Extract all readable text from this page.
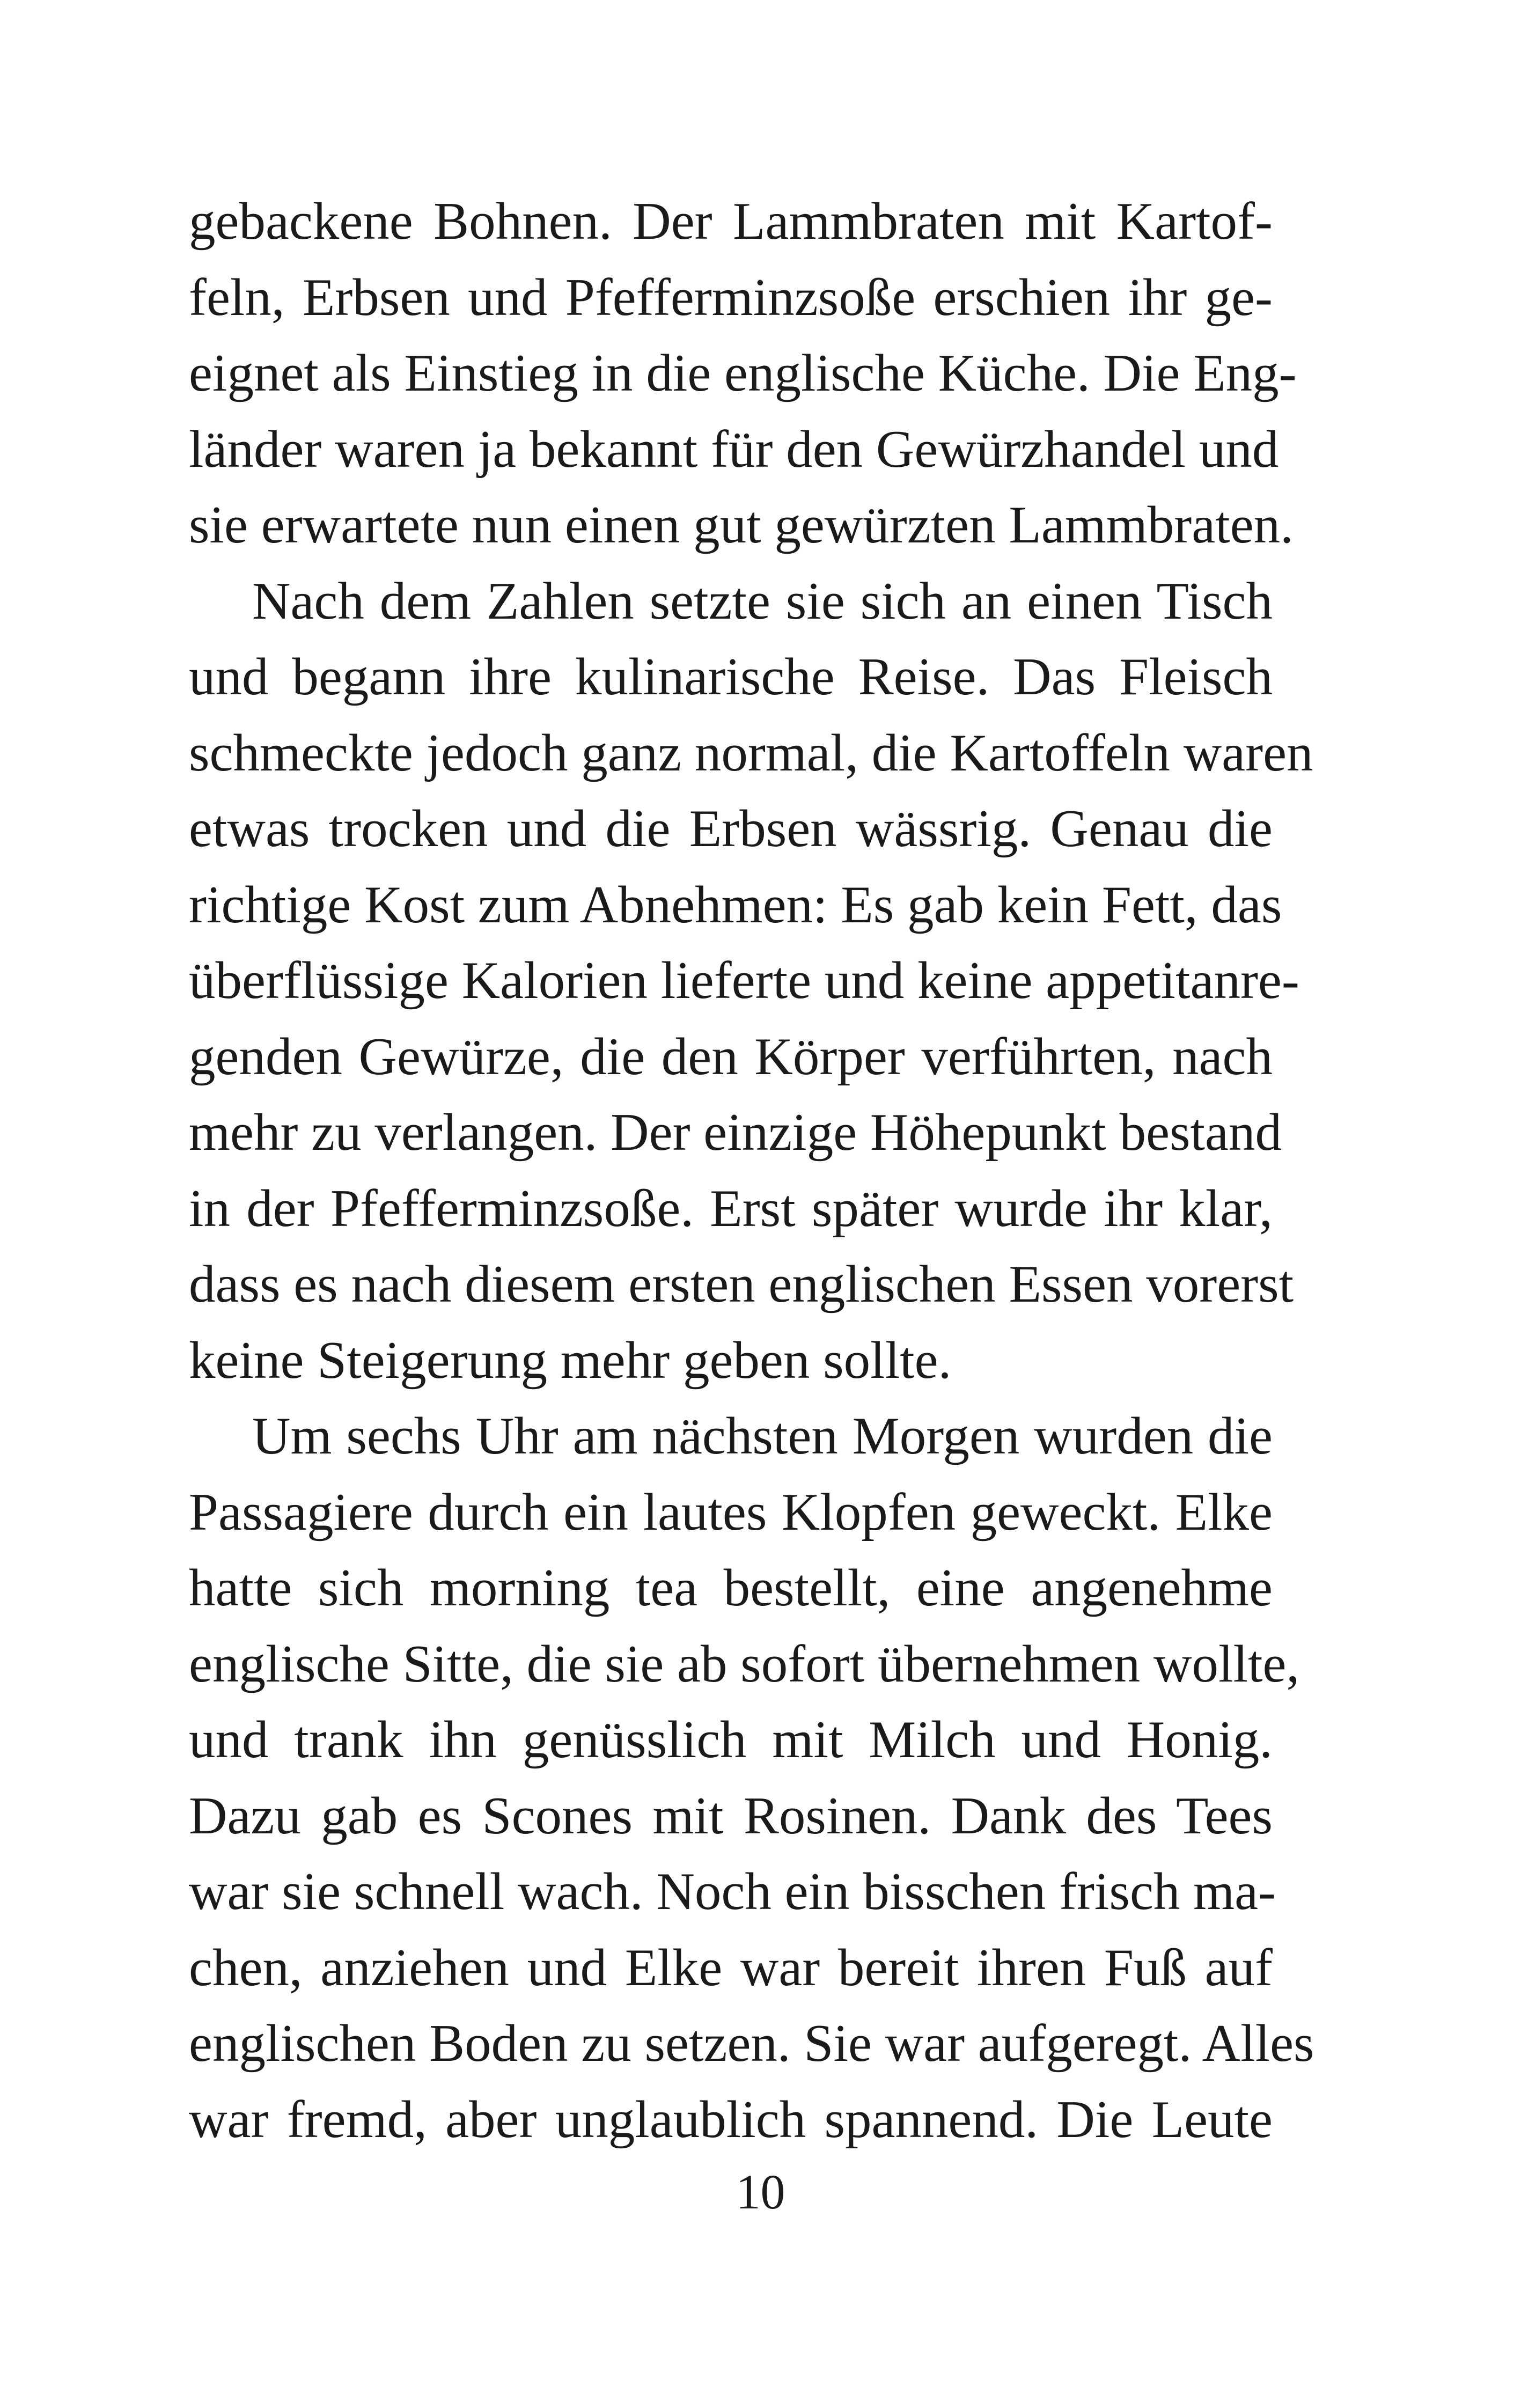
gebackene Bohnen. Der Lammbraten mit Kartof-
feln, Erbsen und Pfefferminzsoße erschien ihr ge-
eignet als Einstieg in die englische Küche. Die Eng-
länder waren ja bekannt für den Gewürzhandel und
sie erwartete nun einen gut gewürzten Lammbraten.

Nach dem Zahlen setzte sie sich an einen Tisch
und begann ihre kulinarische Reise. Das Fleisch
schmeckte jedoch ganz normal, die Kartoffeln waren
etwas trocken und die Erbsen wässrig. Genau die
richtige Kost zum Abnehmen: Es gab kein Fett, das
überflüssige Kalorien lieferte und keine appetitanre-
genden Gewürze, die den Körper verführten, nach
mehr zu verlangen. Der einzige Höhepunkt bestand
in der Pfefferminzsoße. Erst später wurde ihr klar,
dass es nach diesem ersten englischen Essen vorerst
keine Steigerung mehr geben sollte.

Um sechs Uhr am nächsten Morgen wurden die
Passagiere durch ein lautes Klopfen geweckt. Elke
hatte sich morning tea bestellt, eine angenehme
englische Sitte, die sie ab sofort übernehmen wollte,
und trank ihn genüsslich mit Milch und Honig.
Dazu gab es Scones mit Rosinen. Dank des Tees
war sie schnell wach. Noch ein bisschen frisch ma-
chen, anziehen und Elke war bereit ihren Fuß auf
englischen Boden zu setzen. Sie war aufgeregt. Alles
war fremd, aber unglaublich spannend. Die Leute

10
